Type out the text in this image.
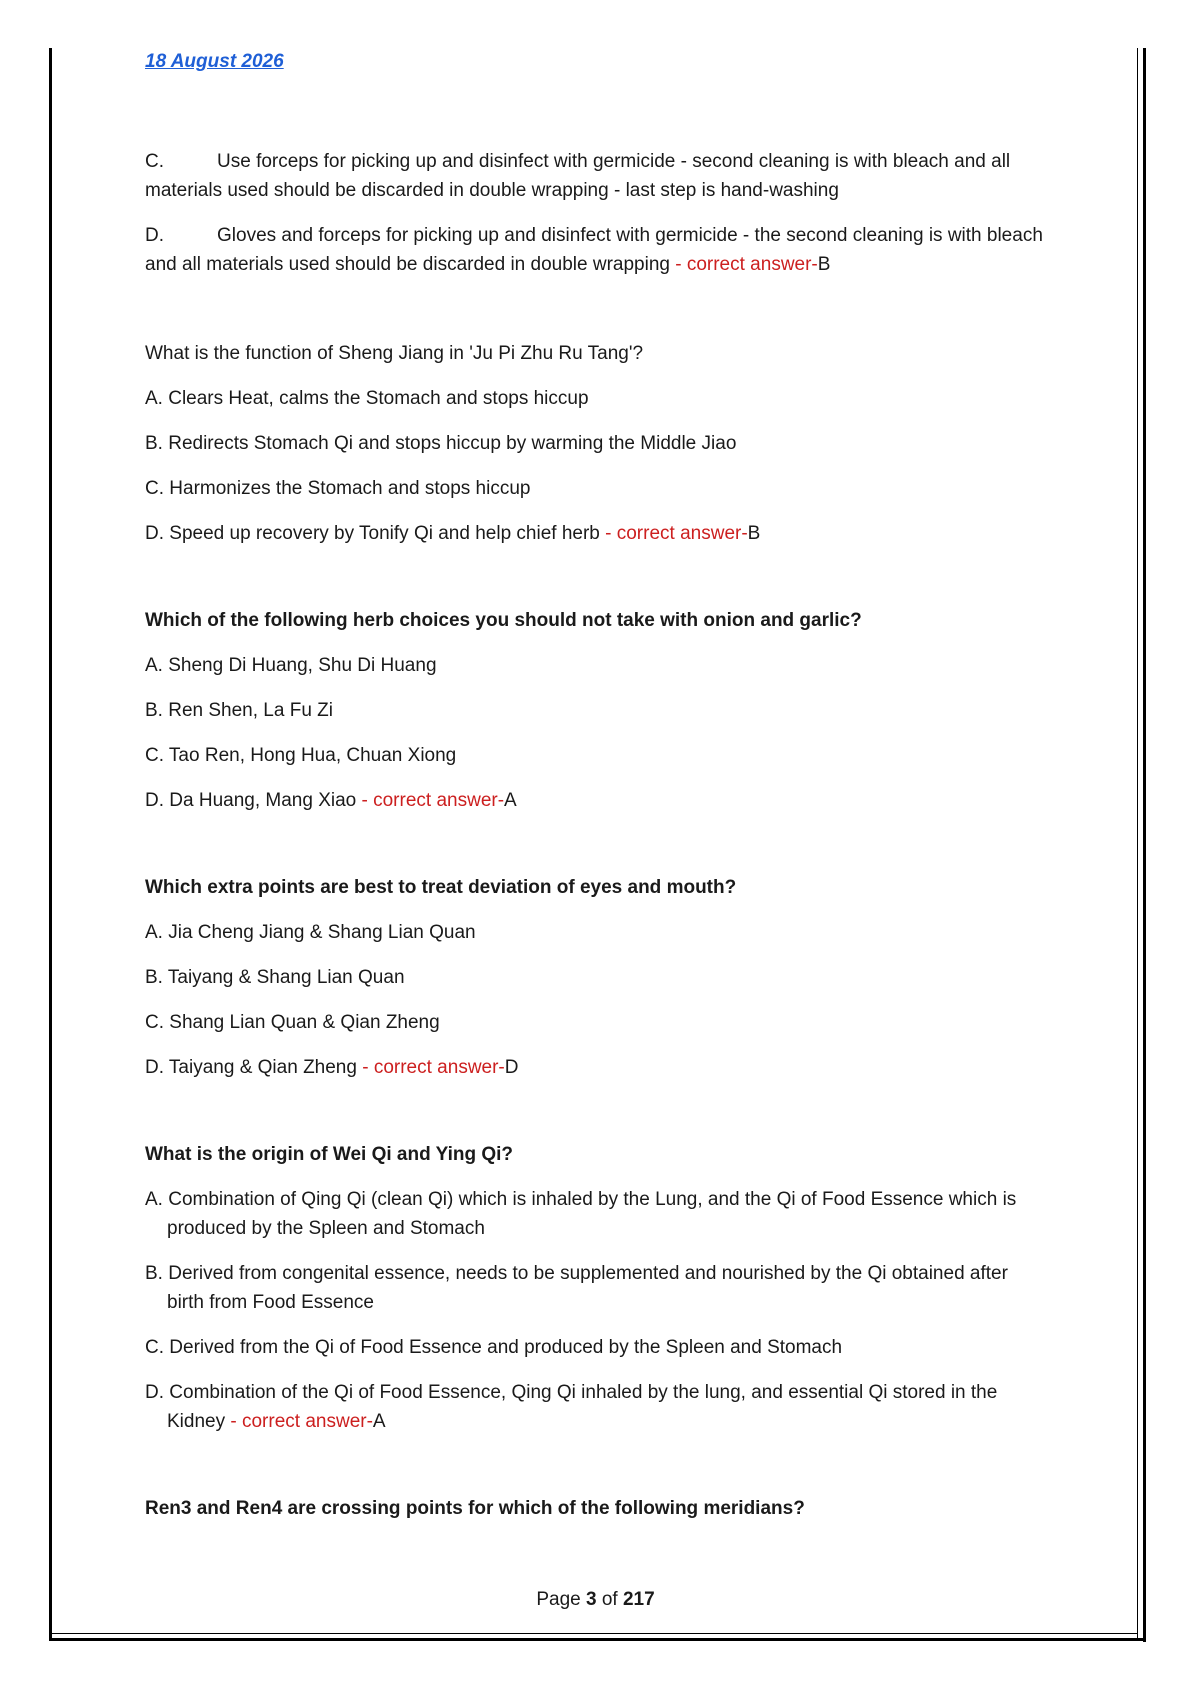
18 August 2026

C.	Use forceps for picking up and disinfect with germicide - second cleaning is with bleach and all materials used should be discarded in double wrapping - last step is hand-washing

D.	Gloves and forceps for picking up and disinfect with germicide - the second cleaning is with bleach and all materials used should be discarded in double wrapping - correct answer-B

What is the function of Sheng Jiang in 'Ju Pi Zhu Ru Tang'?

A. Clears Heat, calms the Stomach and stops hiccup

B. Redirects Stomach Qi and stops hiccup by warming the Middle Jiao

C. Harmonizes the Stomach and stops hiccup

D. Speed up recovery by Tonify Qi and help chief herb - correct answer-B

Which of the following herb choices you should not take with onion and garlic?

A. Sheng Di Huang, Shu Di Huang

B. Ren Shen, La Fu Zi

C. Tao Ren, Hong Hua, Chuan Xiong

D. Da Huang, Mang Xiao - correct answer-A

Which extra points are best to treat deviation of eyes and mouth?

A. Jia Cheng Jiang & Shang Lian Quan

B. Taiyang & Shang Lian Quan

C. Shang Lian Quan & Qian Zheng

D. Taiyang & Qian Zheng - correct answer-D

What is the origin of Wei Qi and Ying Qi?

A. Combination of Qing Qi (clean Qi) which is inhaled by the Lung, and the Qi of Food Essence which is produced by the Spleen and Stomach

B. Derived from congenital essence, needs to be supplemented and nourished by the Qi obtained after birth from Food Essence

C. Derived from the Qi of Food Essence and produced by the Spleen and Stomach

D. Combination of the Qi of Food Essence, Qing Qi inhaled by the lung, and essential Qi stored in the Kidney - correct answer-A

Ren3 and Ren4 are crossing points for which of the following meridians?

Page 3 of 217
